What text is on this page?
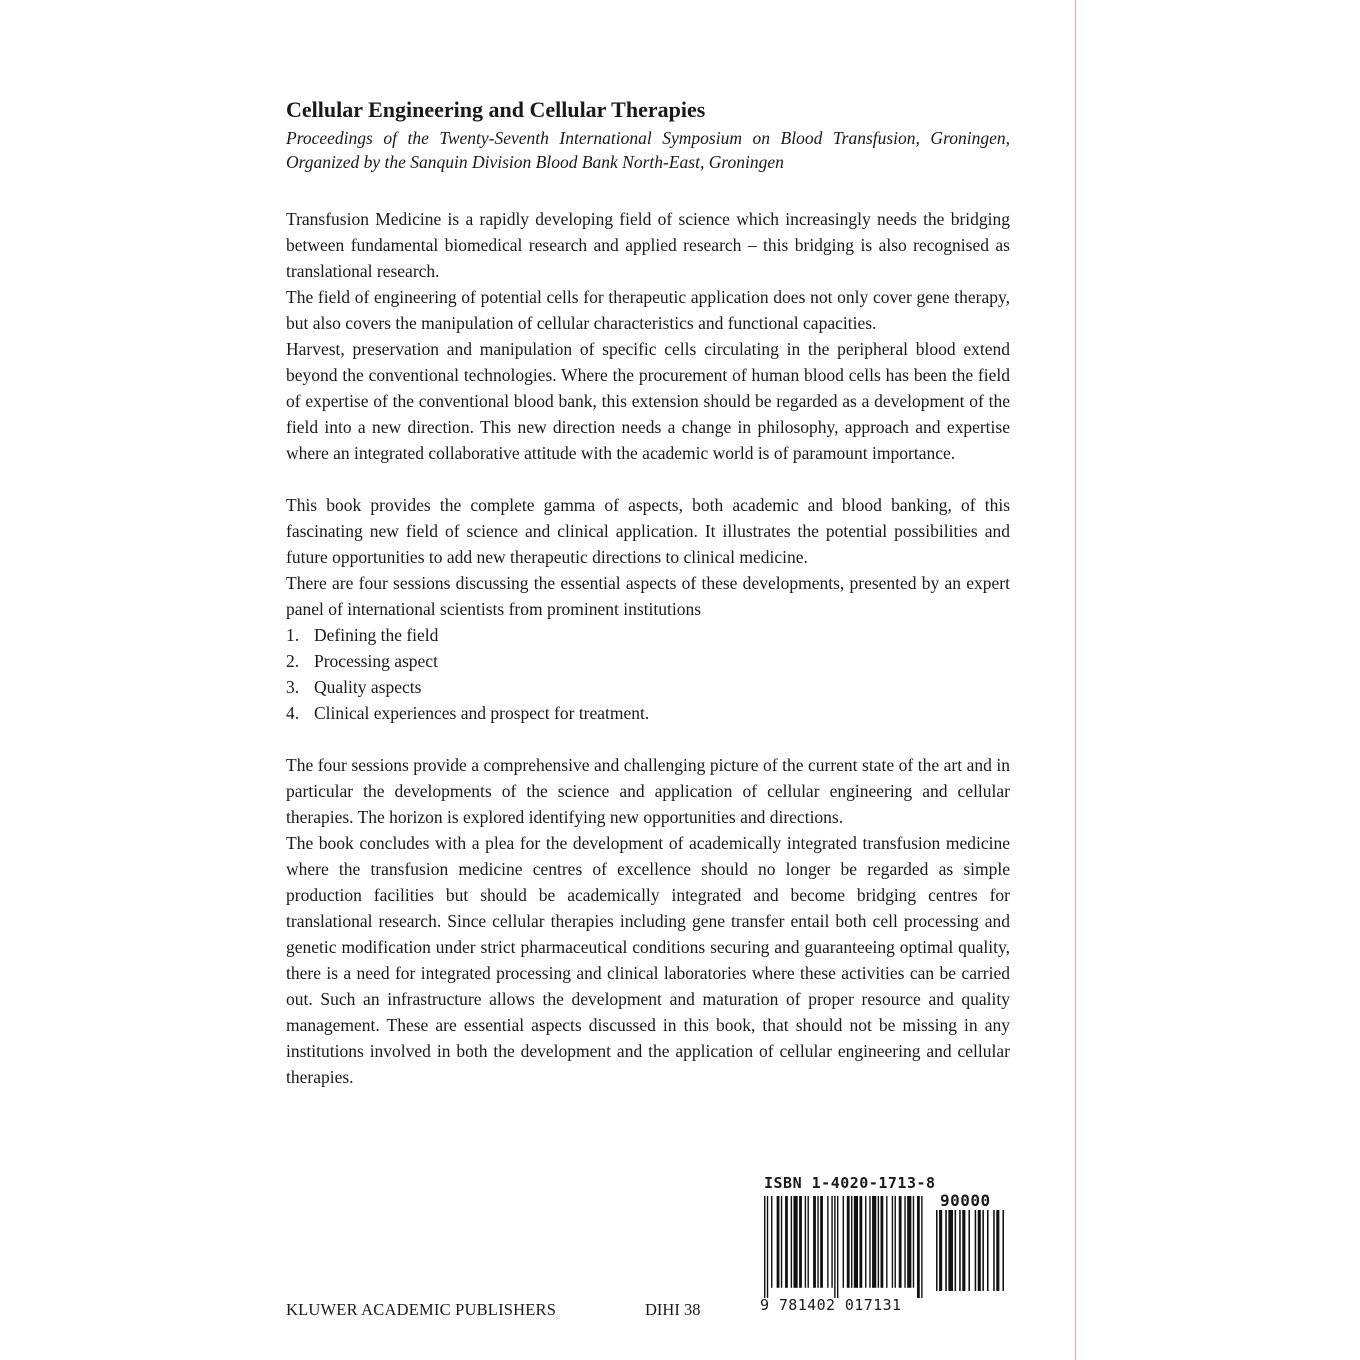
Cellular Engineering and Cellular Therapies

Proceedings of the Twenty-Seventh International Symposium on Blood Transfusion, Groningen, Organized by the Sanquin Division Blood Bank North-East, Groningen

Transfusion Medicine is a rapidly developing field of science which increasingly needs the bridging between fundamental biomedical research and applied research – this bridging is also recognised as translational research.

The field of engineering of potential cells for therapeutic application does not only cover gene therapy, but also covers the manipulation of cellular characteristics and functional capacities.

Harvest, preservation and manipulation of specific cells circulating in the peripheral blood extend beyond the conventional technologies. Where the procurement of human blood cells has been the field of expertise of the conventional blood bank, this extension should be regarded as a development of the field into a new direction. This new direction needs a change in philosophy, approach and expertise where an integrated collaborative attitude with the academic world is of paramount importance.

This book provides the complete gamma of aspects, both academic and blood banking, of this fascinating new field of science and clinical application. It illustrates the potential possibilities and future opportunities to add new therapeutic directions to clinical medicine.

There are four sessions discussing the essential aspects of these developments, presented by an expert panel of international scientists from prominent institutions

1. Defining the field
2. Processing aspect
3. Quality aspects
4. Clinical experiences and prospect for treatment.

The four sessions provide a comprehensive and challenging picture of the current state of the art and in particular the developments of the science and application of cellular engineering and cellular therapies. The horizon is explored identifying new opportunities and directions.

The book concludes with a plea for the development of academically integrated transfusion medicine where the transfusion medicine centres of excellence should no longer be regarded as simple production facilities but should be academically integrated and become bridging centres for translational research. Since cellular therapies including gene transfer entail both cell processing and genetic modification under strict pharmaceutical conditions securing and guaranteeing optimal quality, there is a need for integrated processing and clinical laboratories where these activities can be carried out. Such an infrastructure allows the development and maturation of proper resource and quality management. These are essential aspects discussed in this book, that should not be missing in any institutions involved in both the development and the application of cellular engineering and cellular therapies.

ISBN 1-4020-1713-8
90000
9 781402 017131
KLUWER ACADEMIC PUBLISHERS	DIHI 38
